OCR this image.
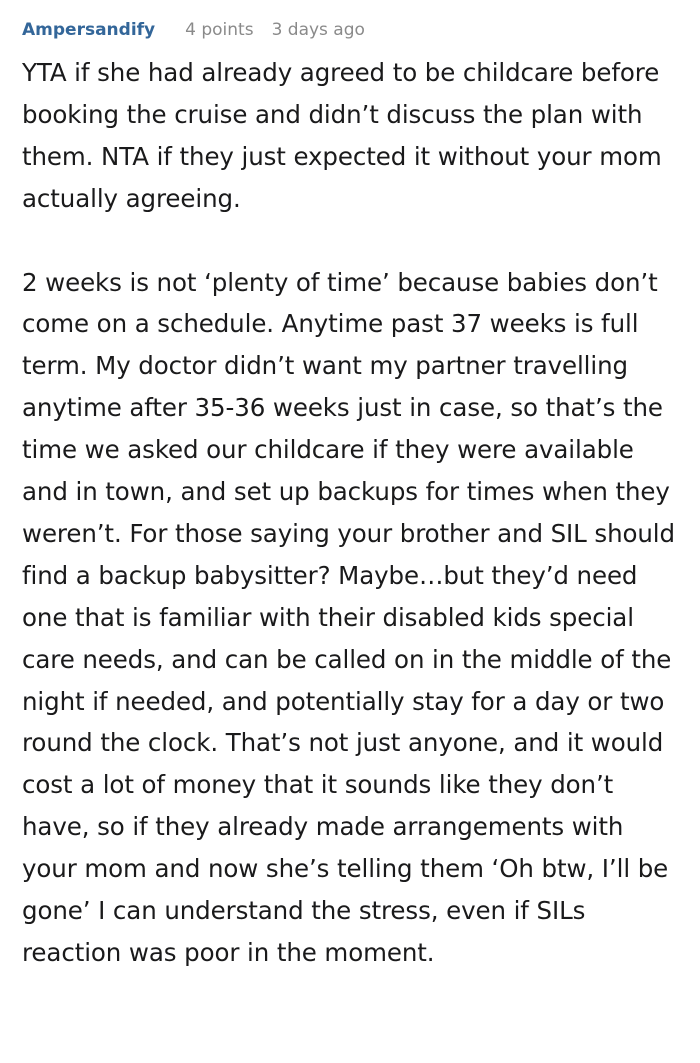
Ampersandify 4 points 3 days ago

YTA if she had already agreed to be childcare before booking the cruise and didn’t discuss the plan with them. NTA if they just expected it without your mom actually agreeing.

2 weeks is not ‘plenty of time’ because babies don’t come on a schedule. Anytime past 37 weeks is full term. My doctor didn’t want my partner travelling anytime after 35-36 weeks just in case, so that’s the time we asked our childcare if they were available and in town, and set up backups for times when they weren’t. For those saying your brother and SIL should find a backup babysitter? Maybe…but they’d need one that is familiar with their disabled kids special care needs, and can be called on in the middle of the night if needed, and potentially stay for a day or two round the clock. That’s not just anyone, and it would cost a lot of money that it sounds like they don’t have, so if they already made arrangements with your mom and now she’s telling them ‘Oh btw, I’ll be gone’ I can understand the stress, even if SILs reaction was poor in the moment.
